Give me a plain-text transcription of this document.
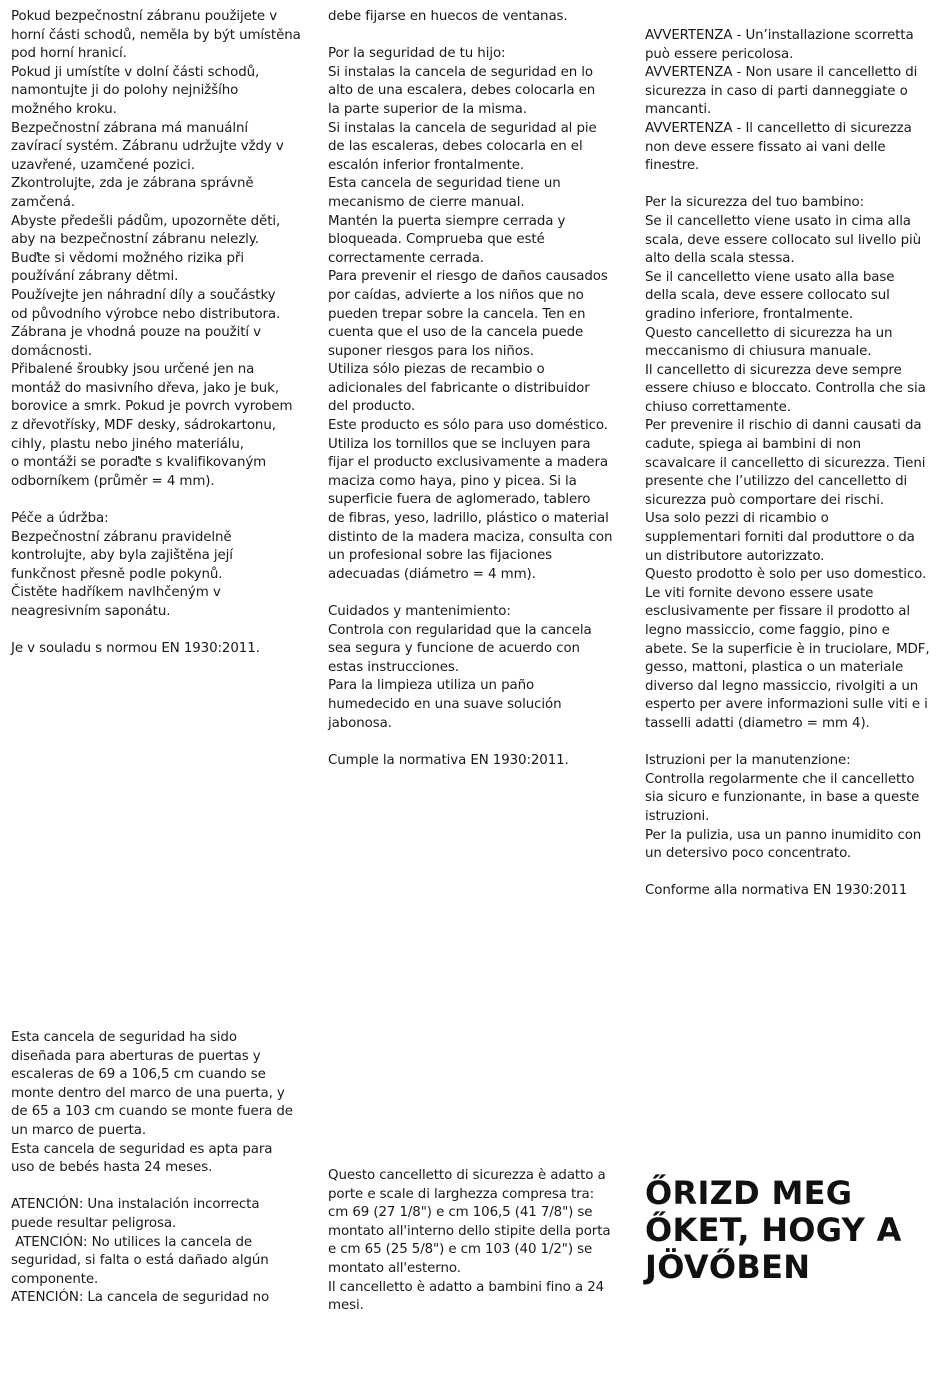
Pokud bezpečnostní zábranu použijete v
horní části schodů, neměla by být umístěna
pod horní hranicí.
Pokud ji umístíte v dolní části schodů,
namontujte ji do polohy nejnižšího
možného kroku.
Bezpečnostní zábrana má manuální
zavírací systém. Zábranu udržujte vždy v
uzavřené, uzamčené pozici.
Zkontrolujte, zda je zábrana správně
zamčená.
Abyste předešli pádům, upozorněte děti,
aby na bezpečnostní zábranu nelezly.
Buďte si vědomi možného rizika při
používání zábrany dětmi.
Používejte jen náhradní díly a součástky
od původního výrobce nebo distributora.
Zábrana je vhodná pouze na použití v
domácnosti.
Přibalené šroubky jsou určené jen na
montáž do masivního dřeva, jako je buk,
borovice a smrk. Pokud je povrch vyrobem
z dřevotřísky, MDF desky, sádrokartonu,
cihly, plastu nebo jiného materiálu,
o montáži se poraďte s kvalifikovaným
odborníkem (průměr = 4 mm).

Péče a údržba:
Bezpečnostní zábranu pravidelně
kontrolujte, aby byla zajištěna její
funkčnost přesně podle pokynů.
Čistěte hadříkem navlhčeným v
neagresivním saponátu.

Je v souladu s normou EN 1930:2011.
debe fijarse en huecos de ventanas.

Por la seguridad de tu hijo:
Si instalas la cancela de seguridad en lo
alto de una escalera, debes colocarla en
la parte superior de la misma.
Si instalas la cancela de seguridad al pie
de las escaleras, debes colocarla en el
escalón inferior frontalmente.
Esta cancela de seguridad tiene un
mecanismo de cierre manual.
Mantén la puerta siempre cerrada y
bloqueada. Comprueba que esté
correctamente cerrada.
Para prevenir el riesgo de daños causados
por caídas, advierte a los niños que no
pueden trepar sobre la cancela. Ten en
cuenta que el uso de la cancela puede
suponer riesgos para los niños.
Utiliza sólo piezas de recambio o
adicionales del fabricante o distribuidor
del producto.
Este producto es sólo para uso doméstico.
Utiliza los tornillos que se incluyen para
fijar el producto exclusivamente a madera
maciza como haya, pino y picea. Si la
superficie fuera de aglomerado, tablero
de fibras, yeso, ladrillo, plástico o material
distinto de la madera maciza, consulta con
un profesional sobre las fijaciones
adecuadas (diámetro = 4 mm).

Cuidados y mantenimiento:
Controla con regularidad que la cancela
sea segura y funcione de acuerdo con
estas instrucciones.
Para la limpieza utiliza un paño
humedecido en una suave solución
jabonosa.

Cumple la normativa EN 1930:2011.
AVVERTENZA - Un’installazione scorretta
può essere pericolosa.
AVVERTENZA - Non usare il cancelletto di
sicurezza in caso di parti danneggiate o
mancanti.
AVVERTENZA - Il cancelletto di sicurezza
non deve essere fissato ai vani delle
finestre.

Per la sicurezza del tuo bambino:
Se il cancelletto viene usato in cima alla
scala, deve essere collocato sul livello più
alto della scala stessa.
Se il cancelletto viene usato alla base
della scala, deve essere collocato sul
gradino inferiore, frontalmente.
Questo cancelletto di sicurezza ha un
meccanismo di chiusura manuale.
Il cancelletto di sicurezza deve sempre
essere chiuso e bloccato. Controlla che sia
chiuso correttamente.
Per prevenire il rischio di danni causati da
cadute, spiega ai bambini di non
scavalcare il cancelletto di sicurezza. Tieni
presente che l’utilizzo del cancelletto di
sicurezza può comportare dei rischi.
Usa solo pezzi di ricambio o
supplementari forniti dal produttore o da
un distributore autorizzato.
Questo prodotto è solo per uso domestico.
Le viti fornite devono essere usate
esclusivamente per fissare il prodotto al
legno massiccio, come faggio, pino e
abete. Se la superficie è in truciolare, MDF,
gesso, mattoni, plastica o un materiale
diverso dal legno massiccio, rivolgiti a un
esperto per avere informazioni sulle viti e i
tasselli adatti (diametro = mm 4).

Istruzioni per la manutenzione:
Controlla regolarmente che il cancelletto
sia sicuro e funzionante, in base a queste
istruzioni.
Per la pulizia, usa un panno inumidito con
un detersivo poco concentrato.

Conforme alla normativa EN 1930:2011
Esta cancela de seguridad ha sido
diseñada para aberturas de puertas y
escaleras de 69 a 106,5 cm cuando se
monte dentro del marco de una puerta, y
de 65 a 103 cm cuando se monte fuera de
un marco de puerta.
Esta cancela de seguridad es apta para
uso de bebés hasta 24 meses.

ATENCIÓN: Una instalación incorrecta
puede resultar peligrosa.
ATENCIÓN: No utilices la cancela de
seguridad, si falta o está dañado algún
componente.
ATENCIÓN: La cancela de seguridad no
Questo cancelletto di sicurezza è adatto a
porte e scale di larghezza compresa tra:
cm 69 (27 1/8") e cm 106,5 (41 7/8") se
montato all'interno dello stipite della porta
e cm 65 (25 5/8") e cm 103 (40 1/2") se
montato all'esterno.
Il cancelletto è adatto a bambini fino a 24
mesi.
ŐRIZD MEG
ŐKET, HOGY A
JÖVŐBEN
